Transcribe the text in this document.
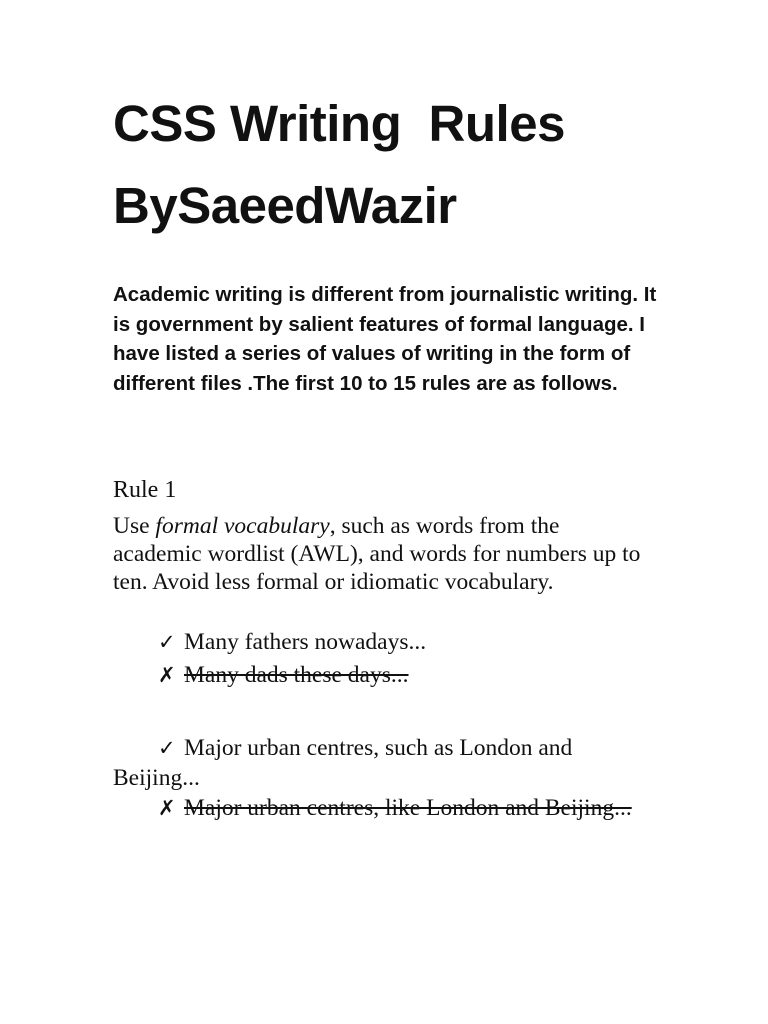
CSS Writing  Rules
BySaeedWazir

Academic writing is different from journalistic writing. It is government by salient features of formal language. I have listed a series of values of writing in the form of different files .The first 10 to 15 rules are as follows.

Rule 1

Use formal vocabulary, such as words from the academic wordlist (AWL), and words for numbers up to ten. Avoid less formal or idiomatic vocabulary.

✓ Many fathers nowadays...

✗ Many dads these days...

✓ Major urban centres, such as London and Beijing...

✗ Major urban centres, like London and Beijing...
